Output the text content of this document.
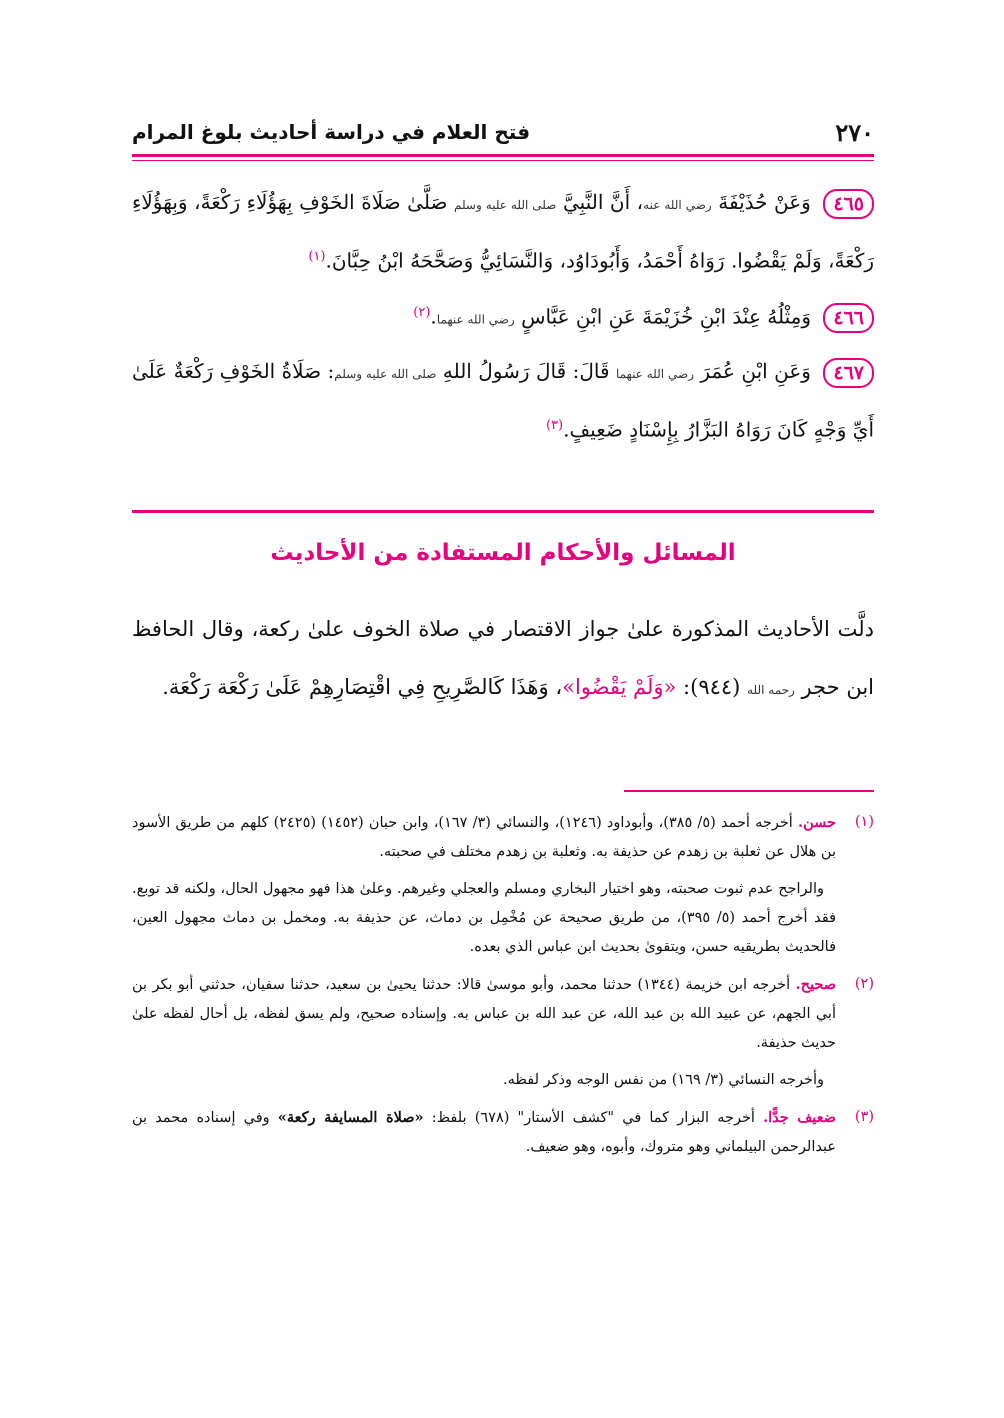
٢٧٠
فتح العلام في دراسة أحاديث بلوغ المرام

٤٦٥ وَعَنْ حُذَيْفَةَ رضي الله عنه، أَنَّ النَّبِيَّ صلى الله عليه وسلم صَلَّىٰ صَلَاةَ الخَوْفِ بِهَؤُلَاءِ رَكْعَةً، وَبِهَؤُلَاءِ رَكْعَةً، وَلَمْ يَقْضُوا. رَوَاهُ أَحْمَدُ، وَأَبُودَاوُد، وَالنَّسَائِيُّ وَصَحَّحَهُ ابْنُ حِبَّانَ.$^{(١)}$

٤٦٦ وَمِثْلُهُ عِنْدَ ابْنِ خُزَيْمَةَ عَنِ ابْنِ عَبَّاسٍ رضي الله عنهما.$^{(٢)}$

٤٦٧ وَعَنِ ابْنِ عُمَرَ رضي الله عنهما قَالَ: قَالَ رَسُولُ اللهِ صلى الله عليه وسلم: صَلَاةُ الخَوْفِ رَكْعَةٌ عَلَىٰ أَيِّ وَجْهٍ كَانَ رَوَاهُ البَزَّارُ بِإِسْنَادٍ ضَعِيفٍ.$^{(٣)}$

المسائل والأحكام المستفادة من الأحاديث

دلَّت الأحاديث المذكورة علىٰ جواز الاقتصار في صلاة الخوف علىٰ ركعة، وقال الحافظ ابن حجر رحمه الله (٩٤٤): «وَلَمْ يَقْضُوا»، وَهَذَا كَالصَّرِيحِ فِي اقْتِصَارِهِمْ عَلَىٰ رَكْعَة رَكْعَة.

(١)
حسن. أخرجه أحمد (٥/ ٣٨٥)، وأبوداود (١٢٤٦)، والنسائي (٣/ ١٦٧)، وابن حبان (١٤٥٢) (٢٤٢٥) كلهم من طريق الأسود بن هلال عن ثعلبة بن زهدم عن حذيفة به. وثعلبة بن زهدم مختلف في صحبته.

والراجح عدم ثبوت صحبته، وهو اختيار البخاري ومسلم والعجلي وغيرهم. وعلىٰ هذا فهو مجهول الحال، ولكنه قد توبع. فقد أخرج أحمد (٥/ ٣٩٥)، من طريق صحيحة عن مُخْمِل بن دماث، عن حذيفة به. ومخمل بن دماث مجهول العين، فالحديث بطريقيه حسن، ويتقوىٰ بحديث ابن عباس الذي بعده.

(٢)
صحيح. أخرجه ابن خزيمة (١٣٤٤) حدثنا محمد، وأبو موسىٰ قالا: حدثنا يحيىٰ بن سعيد، حدثنا سفيان، حدثني أبو بكر بن أبي الجهم، عن عبيد الله بن عبد الله، عن عبد الله بن عباس به. وإسناده صحيح، ولم يسق لفظه، بل أحال لفظه علىٰ حديث حذيفة.

وأخرجه النسائي (٣/ ١٦٩) من نفس الوجه وذكر لفظه.

(٣)
ضعيف جدًّا. أخرجه البزار كما في "كشف الأستار" (٦٧٨) بلفظ: «صلاة المسايفة ركعة» وفي إسناده محمد بن عبدالرحمن البيلماني وهو متروك، وأبوه، وهو ضعيف.
